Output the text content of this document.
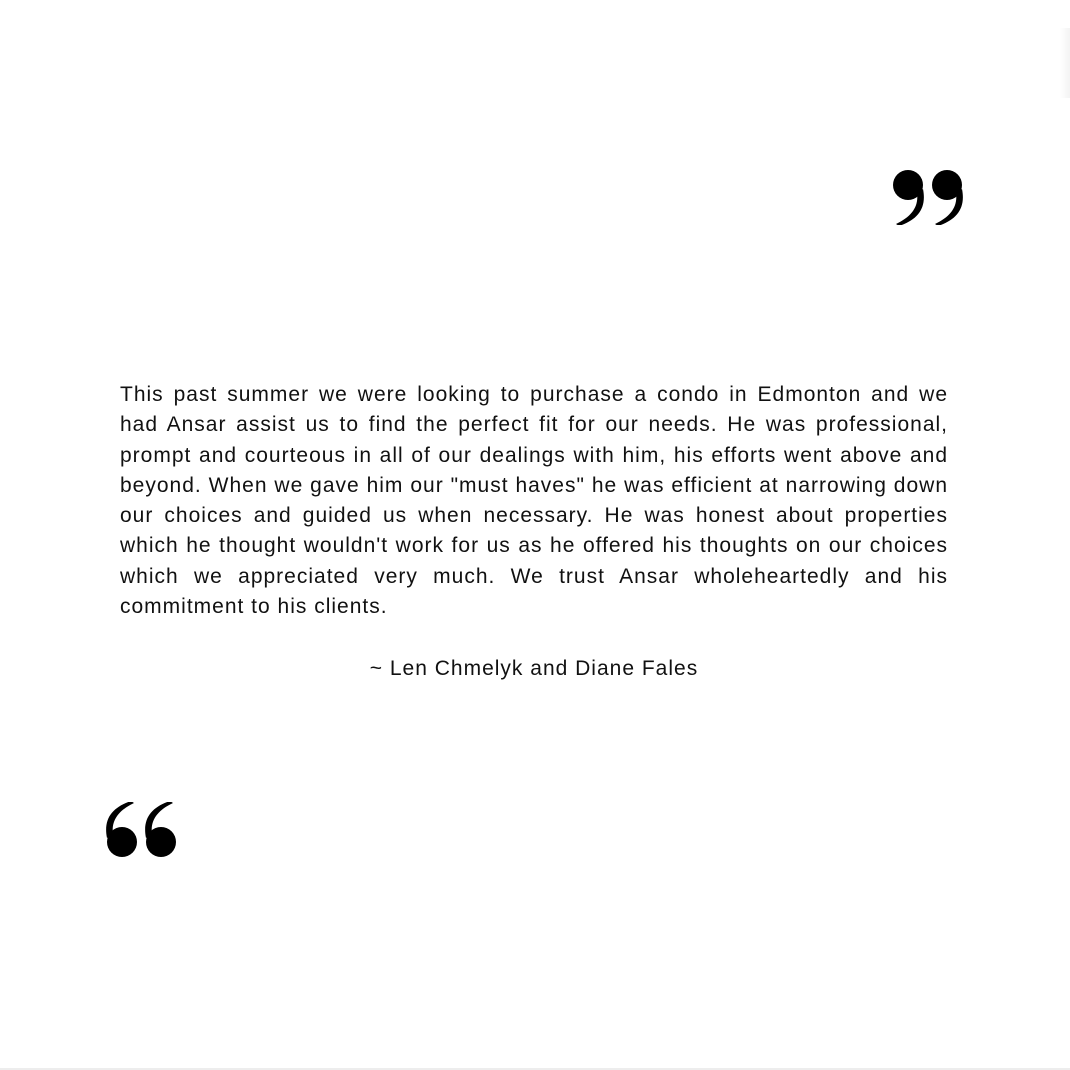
This past summer we were looking to purchase a condo in Edmonton and we had Ansar assist us to find the perfect fit for our needs. He was professional, prompt and courteous in all of our dealings with him, his efforts went above and beyond. When we gave him our "must haves" he was efficient at narrowing down our choices and guided us when necessary. He was honest about properties which he thought wouldn't work for us as he offered his thoughts on our choices which we appreciated very much. We trust Ansar wholeheartedly and his commitment to his clients.

~ Len Chmelyk and Diane Fales
